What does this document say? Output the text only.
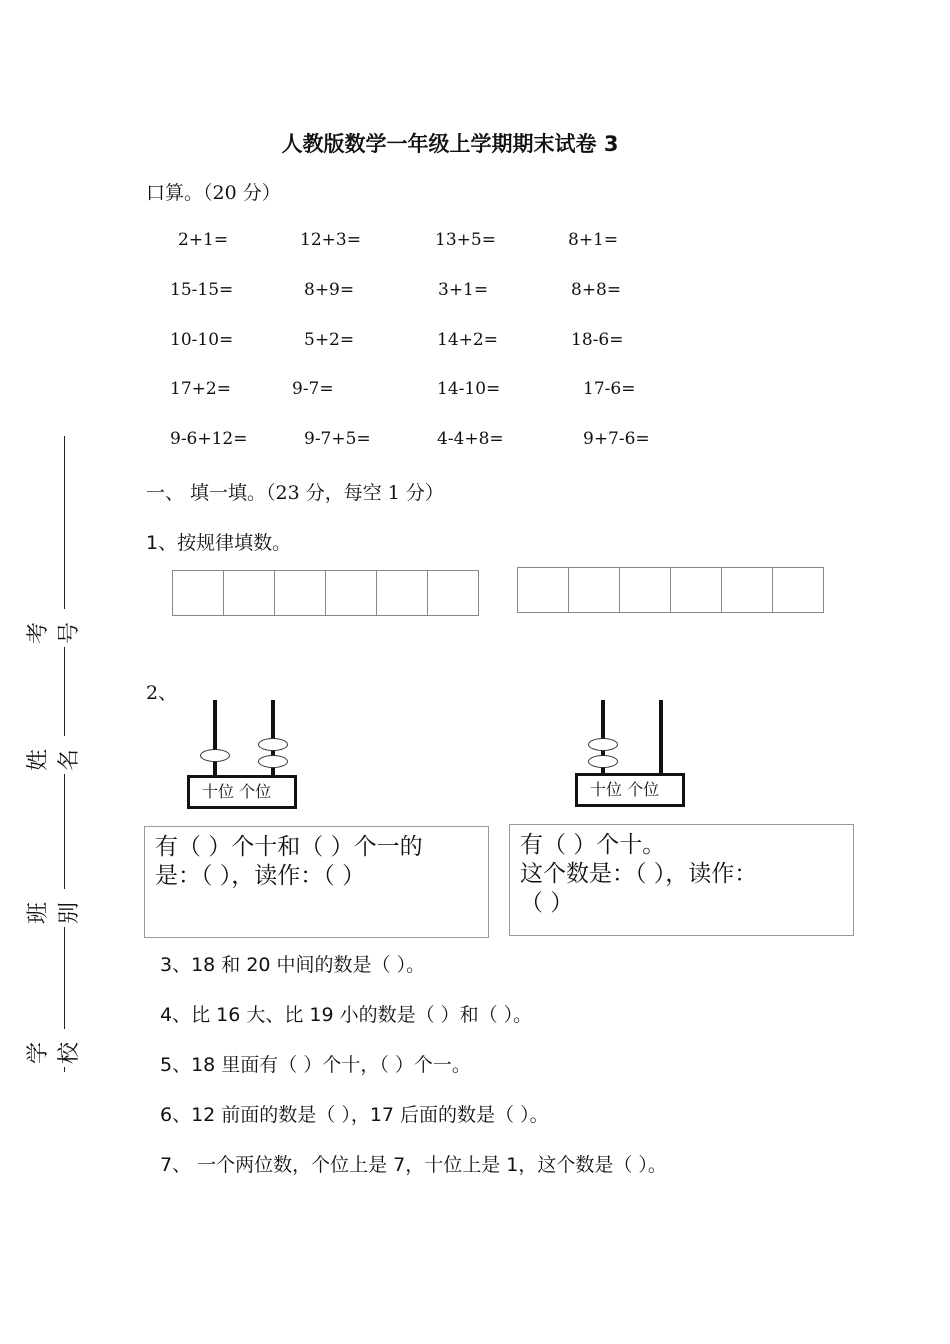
考号
姓名
班别
学校
人教版数学一年级上学期期末试卷 3
口算。（20 分）
2+1=	12+3=	13+5=	8+1=
15-15=	8+9=	3+1=	8+8=
10-10=	5+2=	14+2=	18-6=
17+2=	9-7=	14-10=	17-6=
9-6+12=	9-7+5=	4-4+8=	9+7-6=
一、 填一填。（23 分，每空 1 分）
1、按规律填数。
2、
十位 个位	十位 个位
有（ ）个十和（ ）个一的
是：（ ），读作：（ ）
有（ ）个十。
这个数是：（ ），读作：
（ ）
3、18 和 20 中间的数是（ ）。
4、比 16 大、比 19 小的数是（ ）和（ ）。
5、18 里面有（ ）个十，（ ）个一。
6、12 前面的数是（ ），17 后面的数是（ ）。
7、 一个两位数，个位上是 7，十位上是 1，这个数是（ ）。
